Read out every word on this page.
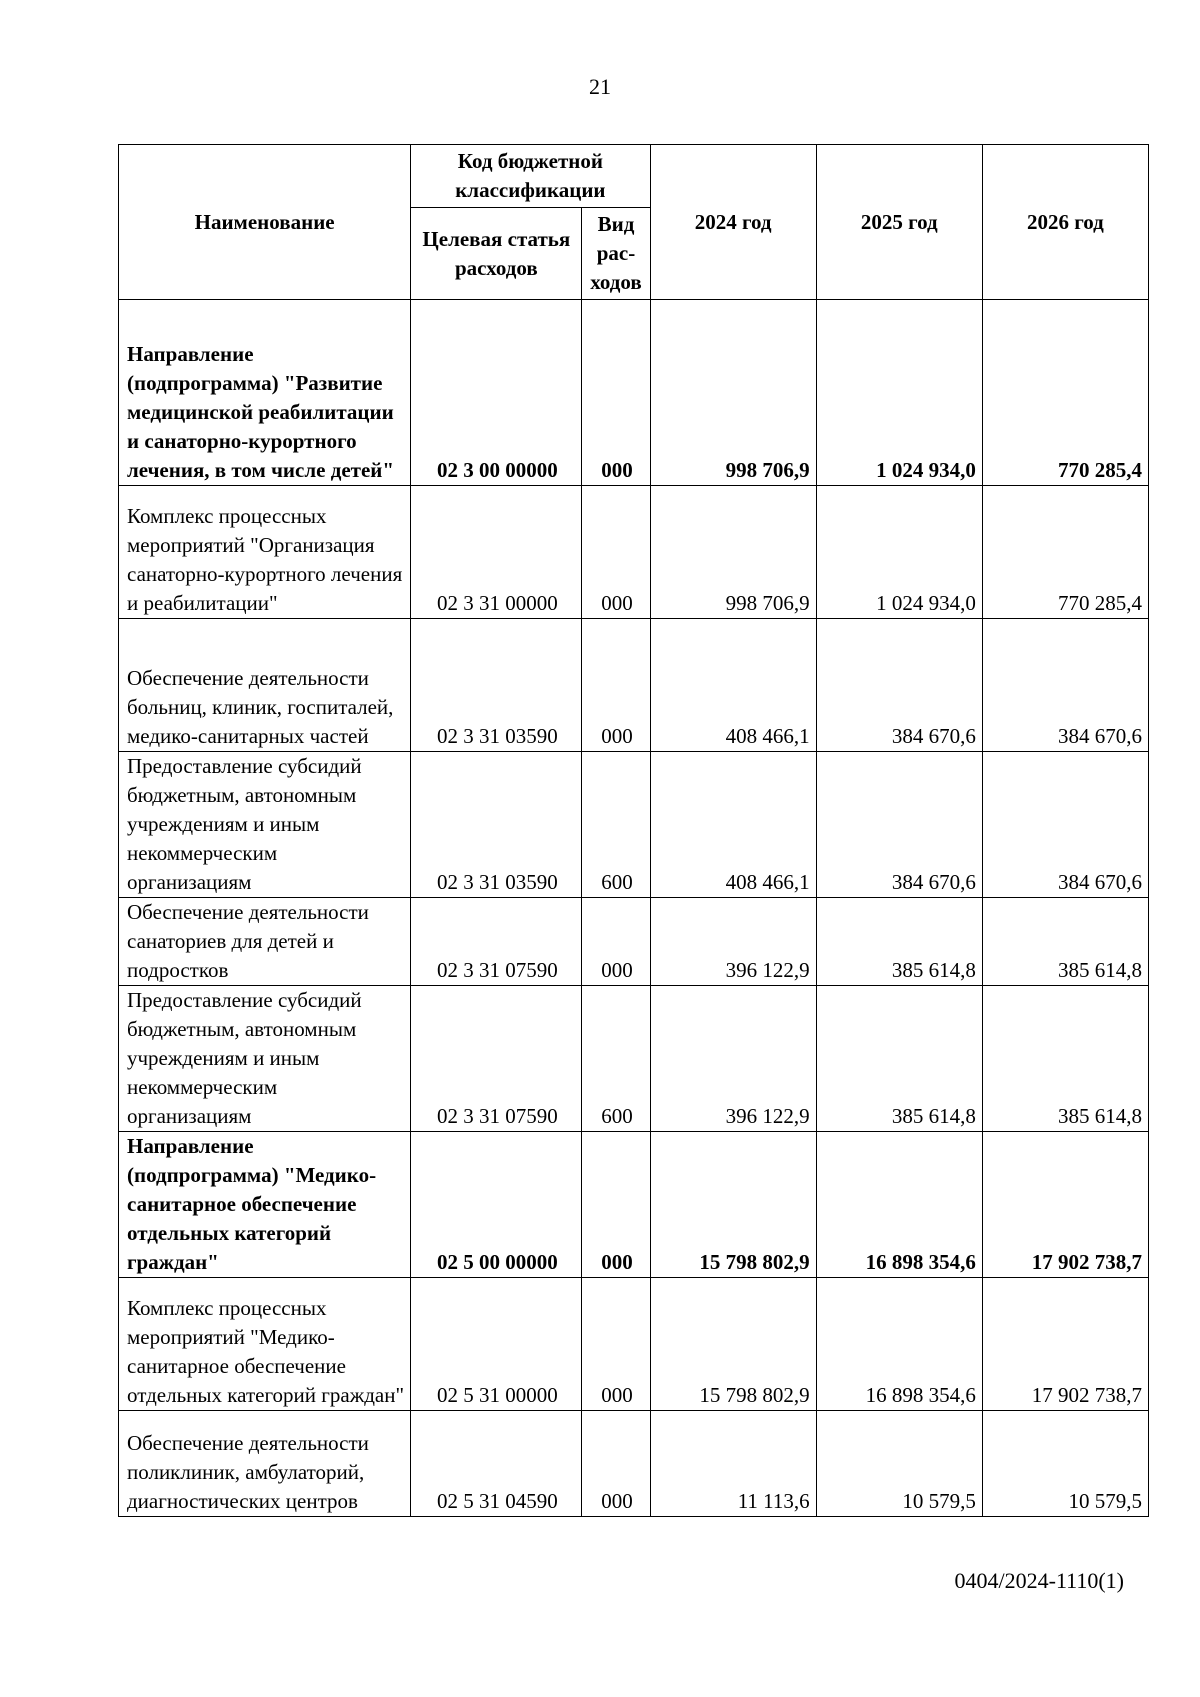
21
Наименование	Код бюджетной классификации		2024 год	2025 год	2026 год
	Целевая статья расходов	Вид рас-ходов			
Направление (подпрограмма) "Развитие медицинской реабилитации и санаторно-курортного лечения, в том числе детей"	02 3 00 00000	000	998 706,9	1 024 934,0	770 285,4
Комплекс процессных мероприятий "Организация санаторно-курортного лечения и реабилитации"	02 3 31 00000	000	998 706,9	1 024 934,0	770 285,4
Обеспечение деятельности больниц, клиник, госпиталей, медико-санитарных частей	02 3 31 03590	000	408 466,1	384 670,6	384 670,6
Предоставление субсидий бюджетным, автономным учреждениям и иным некоммерческим организациям	02 3 31 03590	600	408 466,1	384 670,6	384 670,6
Обеспечение деятельности санаториев для детей и подростков	02 3 31 07590	000	396 122,9	385 614,8	385 614,8
Предоставление субсидий бюджетным, автономным учреждениям и иным некоммерческим организациям	02 3 31 07590	600	396 122,9	385 614,8	385 614,8
Направление (подпрограмма) "Медико-санитарное обеспечение отдельных категорий граждан"	02 5 00 00000	000	15 798 802,9	16 898 354,6	17 902 738,7
Комплекс процессных мероприятий "Медико-санитарное обеспечение отдельных категорий граждан"	02 5 31 00000	000	15 798 802,9	16 898 354,6	17 902 738,7
Обеспечение деятельности поликлиник, амбулаторий, диагностических центров	02 5 31 04590	000	11 113,6	10 579,5	10 579,5
0404/2024-1110(1)
